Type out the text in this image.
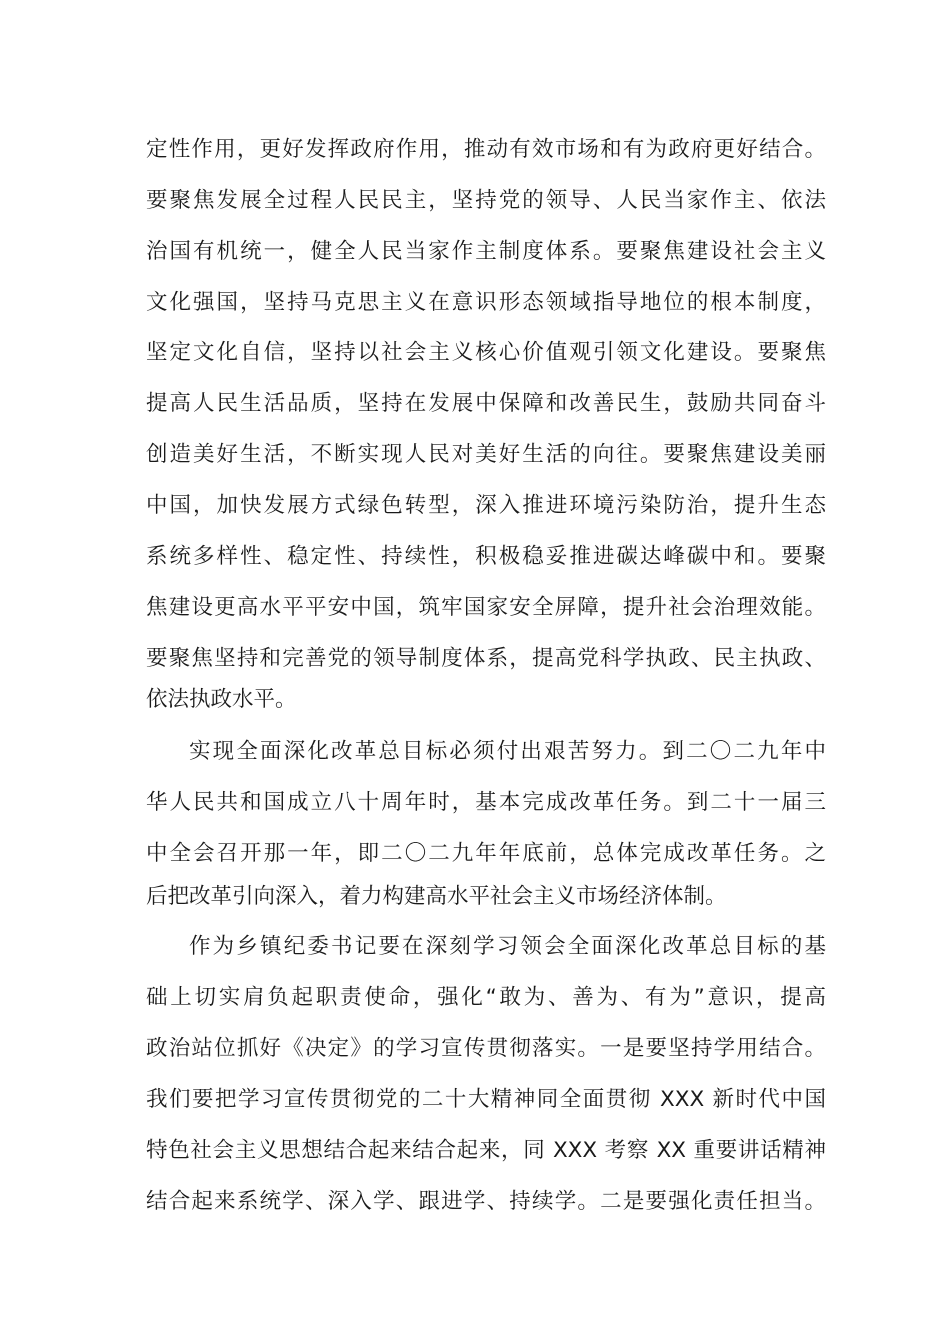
定性作用，更好发挥政府作用，推动有效市场和有为政府更好结合。
要聚焦发展全过程人民民主，坚持党的领导、人民当家作主、依法
治国有机统一，健全人民当家作主制度体系。要聚焦建设社会主义
文化强国，坚持马克思主义在意识形态领域指导地位的根本制度，
坚定文化自信，坚持以社会主义核心价值观引领文化建设。要聚焦
提高人民生活品质，坚持在发展中保障和改善民生，鼓励共同奋斗
创造美好生活，不断实现人民对美好生活的向往。要聚焦建设美丽
中国，加快发展方式绿色转型，深入推进环境污染防治，提升生态
系统多样性、稳定性、持续性，积极稳妥推进碳达峰碳中和。要聚
焦建设更高水平平安中国，筑牢国家安全屏障，提升社会治理效能。
要聚焦坚持和完善党的领导制度体系，提高党科学执政、民主执政、
依法执政水平。
实现全面深化改革总目标必须付出艰苦努力。到二〇二九年中
华人民共和国成立八十周年时，基本完成改革任务。到二十一届三
中全会召开那一年，即二〇二九年年底前，总体完成改革任务。之
后把改革引向深入，着力构建高水平社会主义市场经济体制。
作为乡镇纪委书记要在深刻学习领会全面深化改革总目标的基
础上切实肩负起职责使命，强化“敢为、善为、有为”意识，提高
政治站位抓好《决定》的学习宣传贯彻落实。一是要坚持学用结合。
我们要把学习宣传贯彻党的二十大精神同全面贯彻 XXX 新时代中国
特色社会主义思想结合起来结合起来，同 XXX 考察 XX 重要讲话精神
结合起来系统学、深入学、跟进学、持续学。二是要强化责任担当。
